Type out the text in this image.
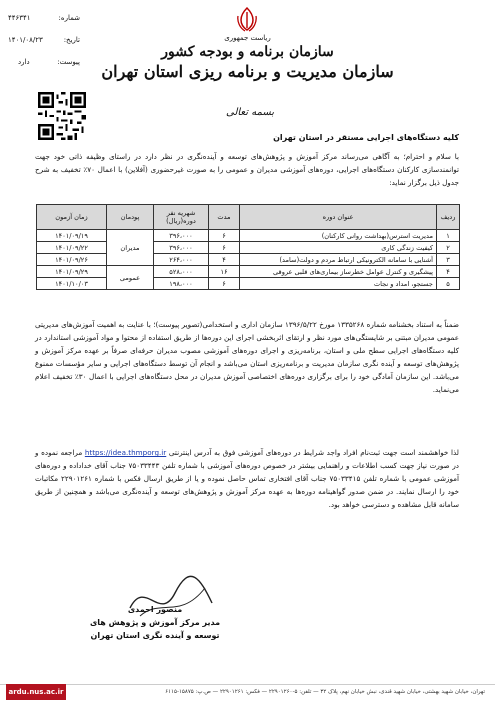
ریاست جمهوری
سازمان برنامه و بودجه کشور
سازمان مدیریت و برنامه ریزی استان تهران
شماره:
۴۴۶۳۴۱
تاریخ:
۱۴۰۱/۰۸/۲۳
پیوست:
دارد
بسمه تعالی
کلیه دستگاه‌های اجرایی مستقر در استان تهران
با سلام و احترام؛ به آگاهی می‌رساند مرکز آموزش و پژوهش‌های توسعه و آینده‌نگری در نظر دارد در راستای وظیفه ذاتی خود جهت توانمندسازی کارکنان دستگاه‌های اجرایی، دوره‌های آموزشی مدیران و عمومی را به صورت غیرحضوری (آفلاین) با اعمال ۷۰٪ تخفیف به شرح جدول ذیل برگزار نماید:
ردیف	عنوان دوره	مدت	شهریه نفر دوره(ریال)	پودمان	زمان آزمون
۱	مدیریت استرس(بهداشت روانی کارکنان)	۶	۳۹۶،۰۰۰	مدیران	۱۴۰۱/۰۹/۱۹
۲	کیفیت زندگی کاری	۶	۳۹۶،۰۰۰		۱۴۰۱/۰۹/۲۲
۳	آشنایی با سامانه الکترونیکی ارتباط مردم و دولت(سامد)	۴	۲۶۴،۰۰۰		۱۴۰۱/۰۹/۲۶
۴	پیشگیری و کنترل عوامل خطرساز بیماری‌های قلبی عروقی	۱۶	۵۲۸،۰۰۰	عمومی	۱۴۰۱/۰۹/۲۹
۵	جستجو، امداد و نجات	۶	۱۹۸،۰۰۰		۱۴۰۱/۱۰/۰۳
ضمناً به استناد بخشنامه شماره ۱۳۳۵۲۶۸ مورخ ۱۳۹۶/۵/۲۲ سازمان اداری و استخدامی(تصویر پیوست)؛ با عنایت به اهمیت آموزش‌های مدیریتی عمومی مدیران مبتنی بر شایستگی‌های مورد نظر و ارتقای اثربخشی اجرای این دوره‌ها از طریق استفاده از محتوا و مواد آموزشی استاندارد در کلیه دستگاه‌های اجرایی سطح ملی و استان، برنامه‌ریزی و اجرای دوره‌های آموزشی مصوب مدیران حرفه‌ای صرفاً بر عهده مرکز آموزش و پژوهش‌های توسعه و آینده نگری سازمان مدیریت و برنامه‌ریزی استان می‌باشد و انجام آن توسط دستگاه‌های اجرایی و سایر مؤسسات ممنوع می‌باشد. این سازمان آمادگی خود را برای برگزاری دوره‌های اختصاصی آموزش مدیران در محل دستگاه‌های اجرایی با اعمال ۳۰٪ تخفیف اعلام می‌نماید.
لذا خواهشمند است جهت ثبت‌نام افراد واجد شرایط در دوره‌های آموزشی فوق به آدرس اینترنتی https://idea.thmporg.ir مراجعه نموده و در صورت نیاز جهت کسب اطلاعات و راهنمایی بیشتر در خصوص دوره‌های آموزشی با شماره تلفن ۷۵۰۳۳۴۴۳ جناب آقای خداداده و دوره‌های آموزشی عمومی با شماره تلفن ۷۵۰۳۳۴۱۵ جناب آقای افتخاری تماس حاصل نموده و یا از طریق ارسال فکس با شماره ۲۲۹۰۱۲۶۱ مکاتبات خود را ارسال نمایند. در ضمن صدور گواهینامه دوره‌ها به عهده مرکز آموزش و پژوهش‌های توسعه و آینده‌نگری می‌باشد و همچنین از طریق سامانه قابل مشاهده و دسترسی خواهد بود.
منصور احمدی
مدیر مرکز آموزش و پژوهش های
توسعه و آینده نگری استان تهران
تهران، خیابان شهید بهشتی، خیابان شهید قندی، نبش خیابان نهم، پلاک ۳۲ — تلفن: ۵-۲۲۹۰۱۲۶۰ — فکس: ۲۲۹۰۱۲۶۱ — ص.پ: ۱۵۸۷۵-۶۱۱۵
ardu.nus.ac.ir
